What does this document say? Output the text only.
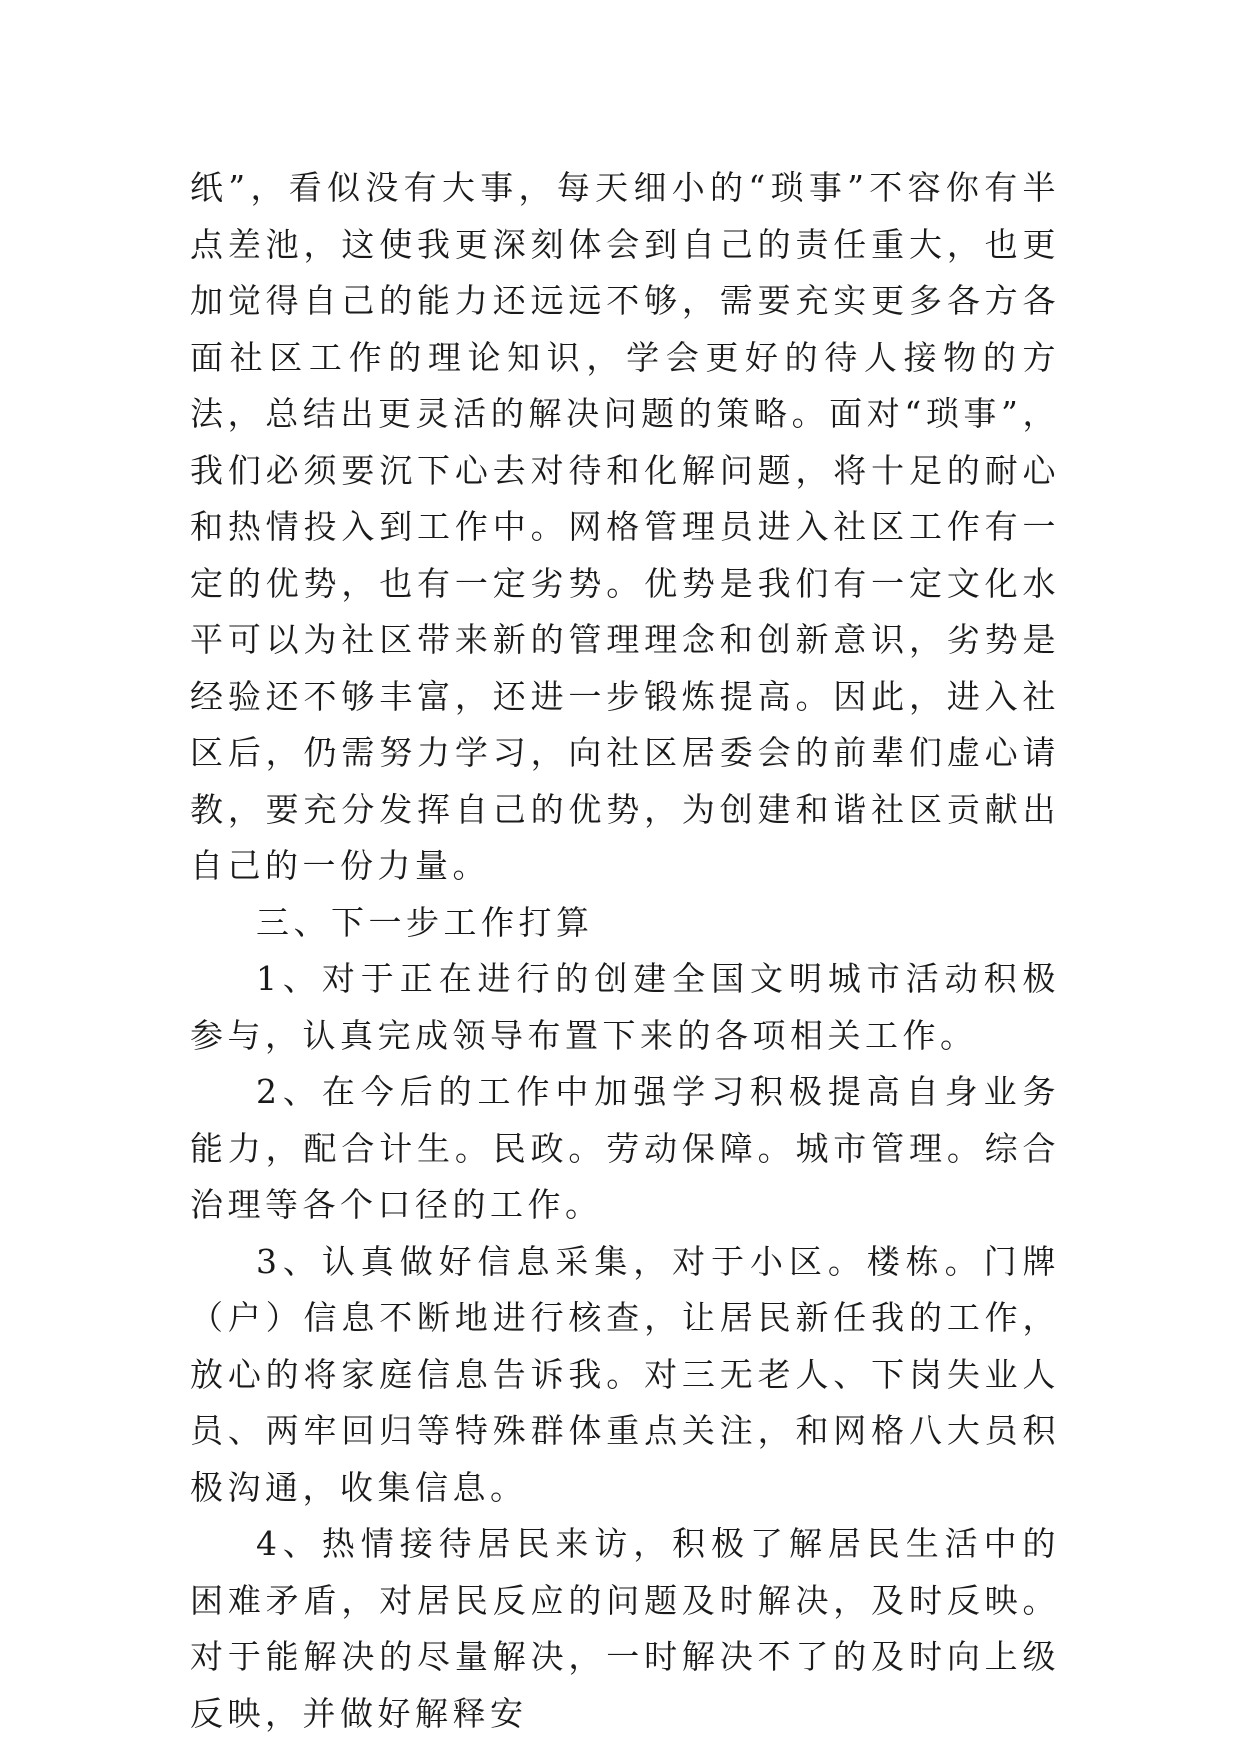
纸”，看似没有大事，每天细小的“琐事”不容你有半点差池，这使我更深刻体会到自己的责任重大，也更加觉得自己的能力还远远不够，需要充实更多各方各面社区工作的理论知识，学会更好的待人接物的方法，总结出更灵活的解决问题的策略。面对“琐事”，我们必须要沉下心去对待和化解问题，将十足的耐心和热情投入到工作中。网格管理员进入社区工作有一定的优势，也有一定劣势。优势是我们有一定文化水平可以为社区带来新的管理理念和创新意识，劣势是经验还不够丰富，还进一步锻炼提高。因此，进入社区后，仍需努力学习，向社区居委会的前辈们虚心请教，要充分发挥自己的优势，为创建和谐社区贡献出自己的一份力量。

三、下一步工作打算

1、对于正在进行的创建全国文明城市活动积极参与，认真完成领导布置下来的各项相关工作。

2、在今后的工作中加强学习积极提高自身业务能力，配合计生。民政。劳动保障。城市管理。综合治理等各个口径的工作。

3、认真做好信息采集，对于小区。楼栋。门牌（户）信息不断地进行核查，让居民新任我的工作，放心的将家庭信息告诉我。对三无老人、下岗失业人员、两牢回归等特殊群体重点关注，和网格八大员积极沟通，收集信息。

4、热情接待居民来访，积极了解居民生活中的困难矛盾，对居民反应的问题及时解决，及时反映。对于能解决的尽量解决，一时解决不了的及时向上级反映，并做好解释安
